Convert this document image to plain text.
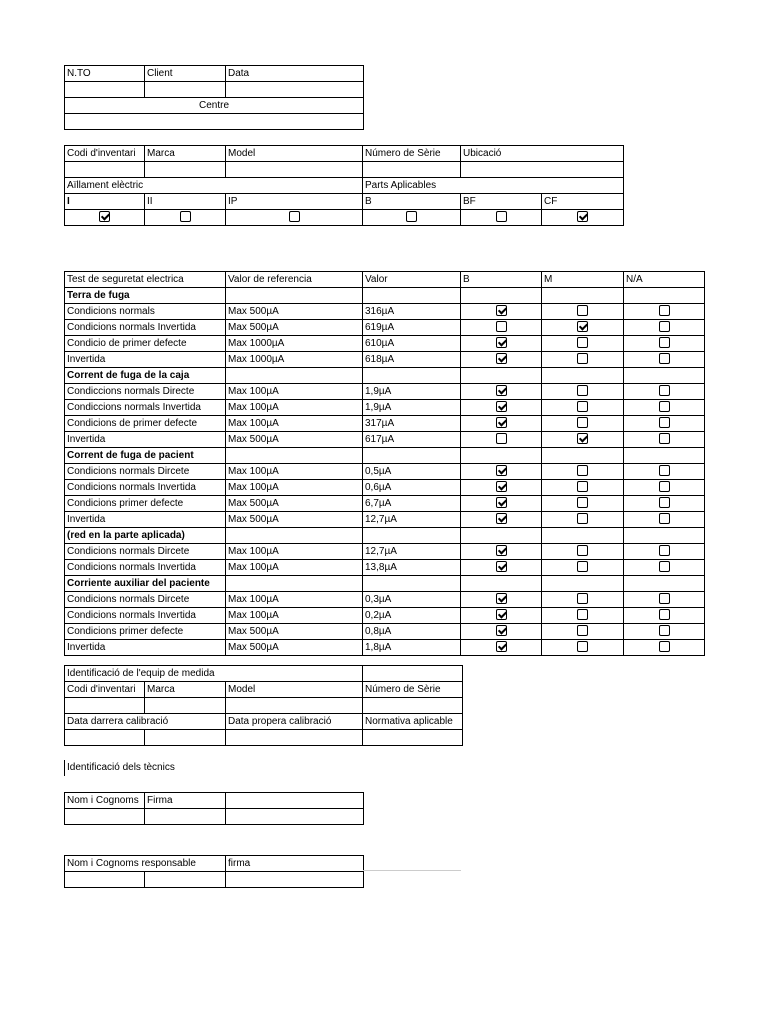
N.TO	Client	Data

Centre		

Codi d'inventari	Marca	Model	Número de Sèrie	Ubicació	

Aïllament elèctric			Parts Aplicables		
I	II	IP	B	BF	CF

Test de seguretat electrica	Valor de referencia	Valor	B	M	N/A
Terra de fuga					
Condicions normals	Max 500µA	316µA			
Condicions normals Invertida	Max 500µA	619µA			
Condicio de primer defecte	Max 1000µA	610µA			
Invertida	Max 1000µA	618µA			
Corrent de fuga de la caja					
Condiccions normals Directe	Max 100µA	1,9µA			
Condiccions normals Invertida	Max 100µA	1,9µA			
Condicions de primer defecte	Max 100µA	317µA			
Invertida	Max 500µA	617µA			
Corrent de fuga de pacient					
Condicions normals Dircete	Max 100µA	0,5µA			
Condicions normals Invertida	Max 100µA	0,6µA			
Condicions primer defecte	Max 500µA	6,7µA			
Invertida	Max 500µA	12,7µA			
(red en la parte aplicada)					
Condicions normals Dircete	Max 100µA	12,7µA			
Condicions normals Invertida	Max 100µA	13,8µA			
Corriente auxiliar del paciente					
Condicions normals Dircete	Max 100µA	0,3µA			
Condicions normals Invertida	Max 100µA	0,2µA			
Condicions primer defecte	Max 500µA	0,8µA			
Invertida	Max 500µA	1,8µA			
Identificació de l'equip de medida			
Codi d'inventari	Marca	Model	Número de Sèrie

Data darrera calibració		Data propera calibració	Normativa aplicable

Identificació dels tècnics
Nom i Cognoms	Firma	

Nom i Cognoms responsable		firma
